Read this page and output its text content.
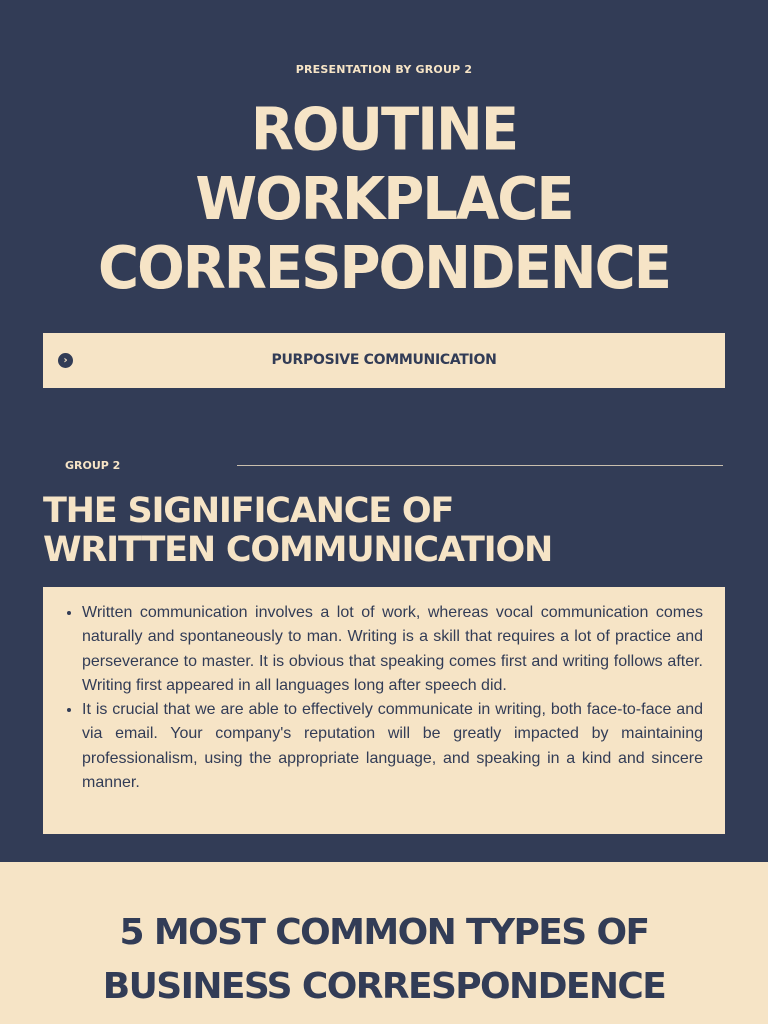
PRESENTATION BY GROUP 2
ROUTINE
WORKPLACE
CORRESPONDENCE
›	PURPOSIVE COMMUNICATION
GROUP 2
THE SIGNIFICANCE OF
WRITTEN COMMUNICATION
• Written communication involves a lot of work, whereas vocal communication comes naturally and spontaneously to man. Writing is a skill that requires a lot of practice and perseverance to master. It is obvious that speaking comes first and writing follows after. Writing first appeared in all languages long after speech did.
• It is crucial that we are able to effectively communicate in writing, both face-to-face and via email. Your company's reputation will be greatly impacted by maintaining professionalism, using the appropriate language, and speaking in a kind and sincere manner.
5 MOST COMMON TYPES OF
BUSINESS CORRESPONDENCE
